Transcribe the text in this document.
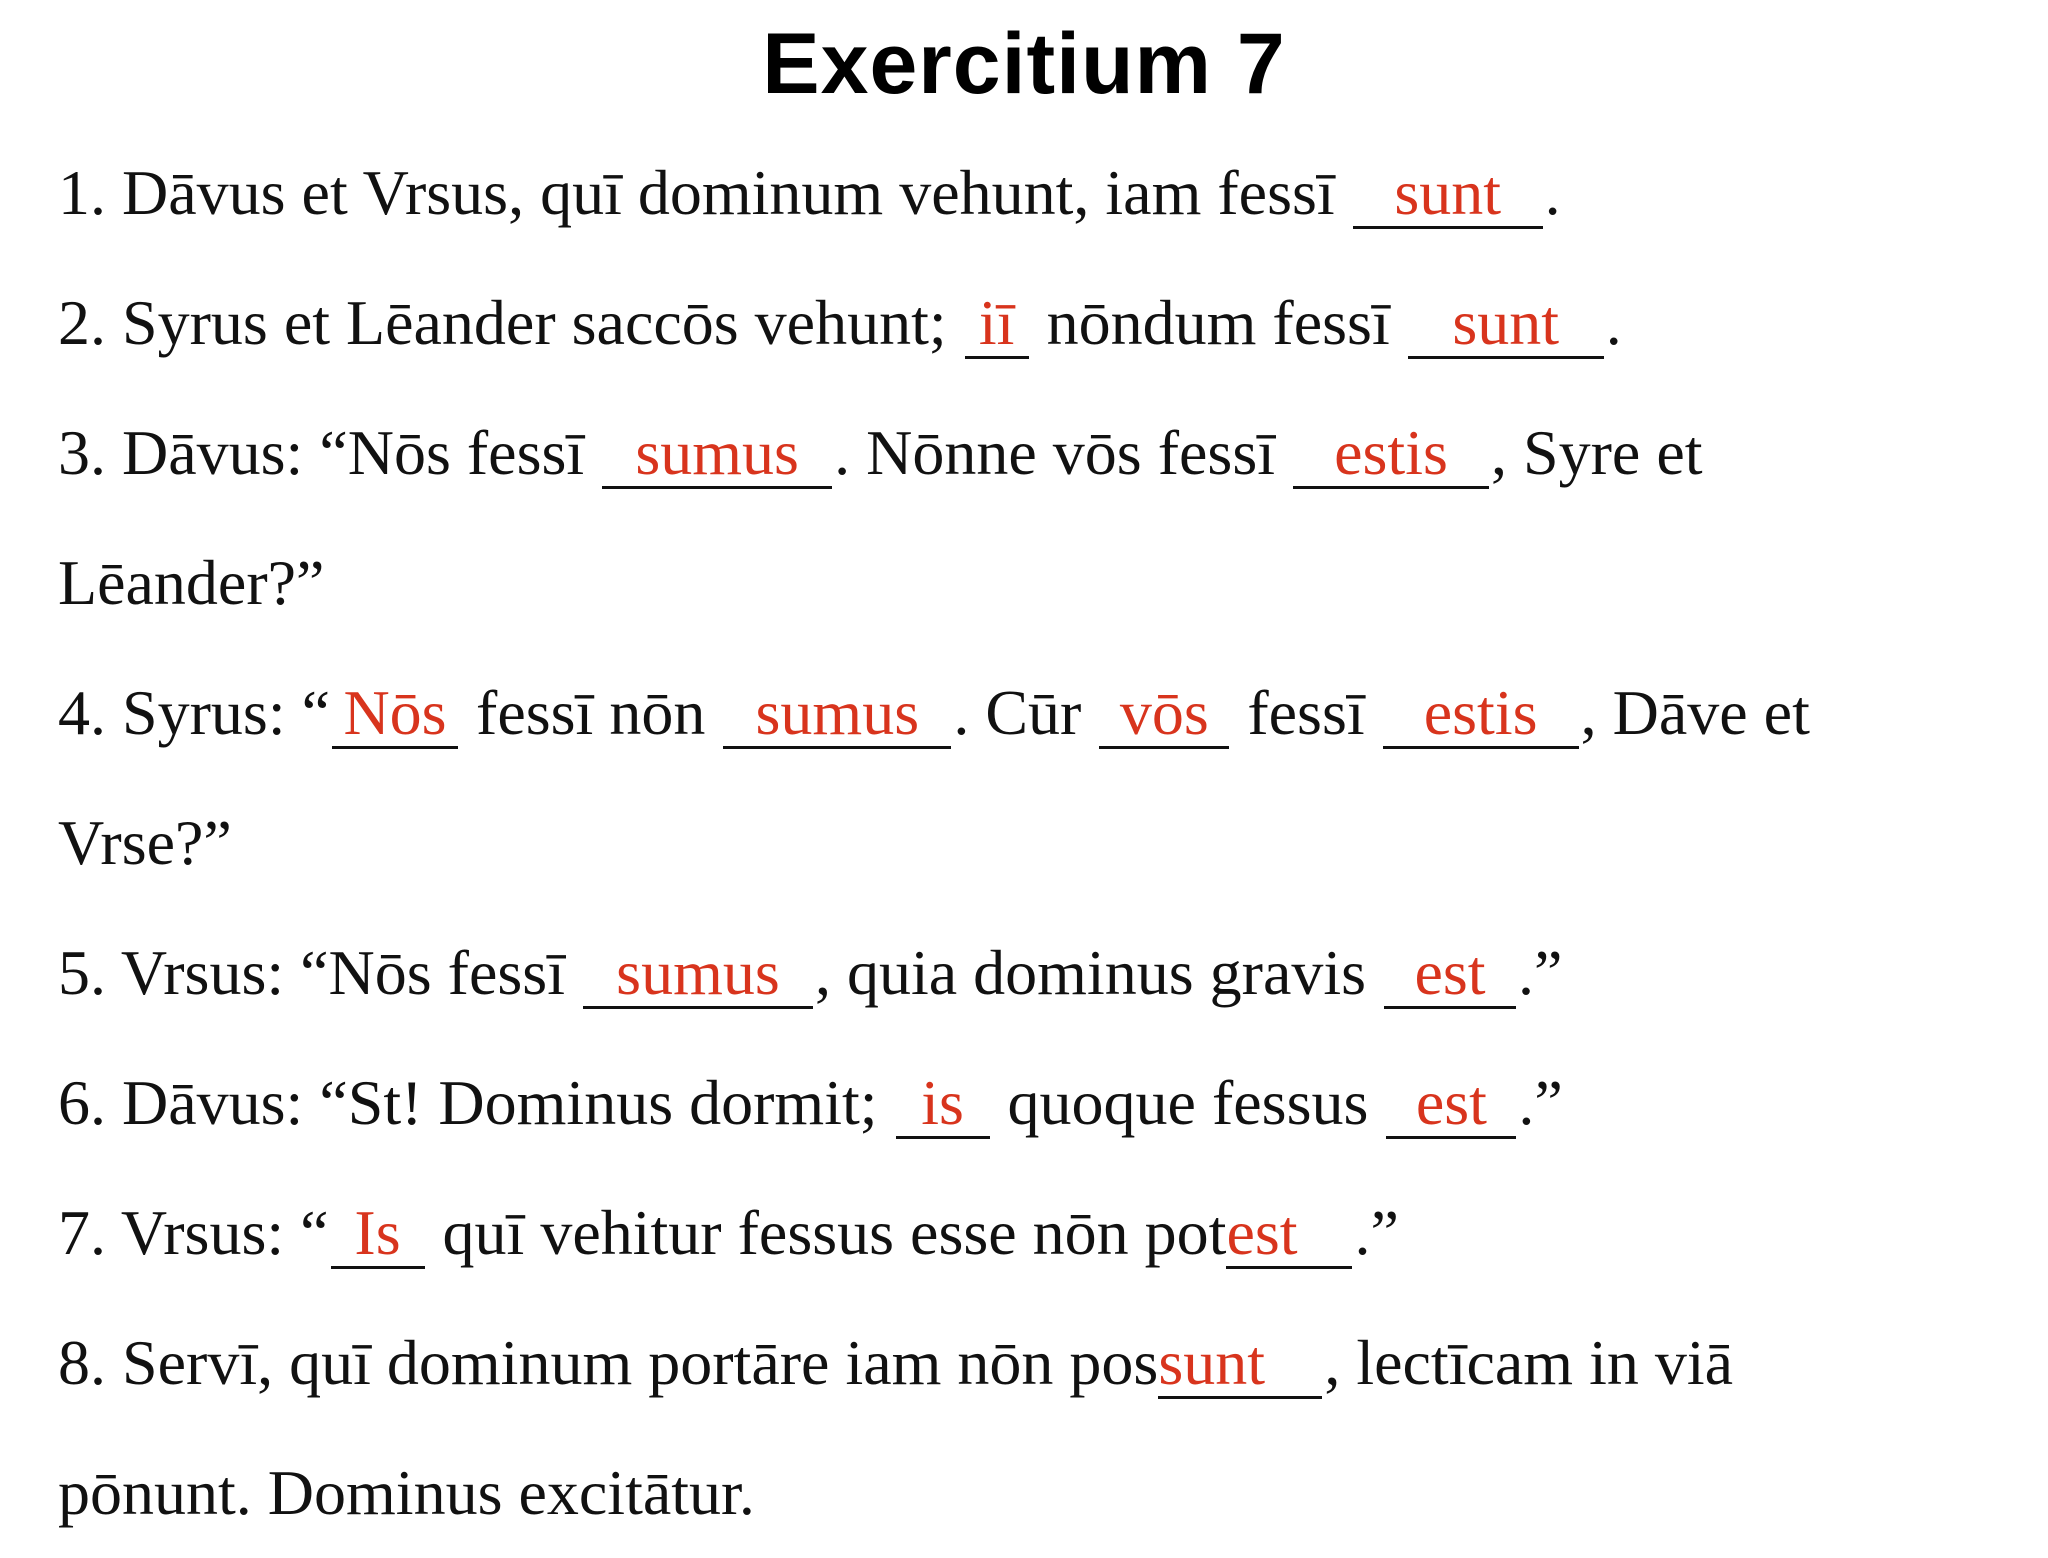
Exercitium 7
1. Dāvus et Vrsus, quī dominum vehunt, iam fessī sunt .
2. Syrus et Lēander saccōs vehunt; iī nōndum fessī sunt .
3. Dāvus: “Nōs fessī sumus . Nōnne vōs fessī estis , Syre et
Lēander?”
4. Syrus: “ Nōs fessī nōn sumus . Cūr vōs fessī estis , Dāve et
Vrse?”
5. Vrsus: “Nōs fessī sumus , quia dominus gravis est .”
6. Dāvus: “St! Dominus dormit; is quoque fessus est .”
7. Vrsus: “ Is quī vehitur fessus esse nōn potest .”
8. Servī, quī dominum portāre iam nōn possunt , lectīcam in viā
pōnunt. Dominus excitātur.
